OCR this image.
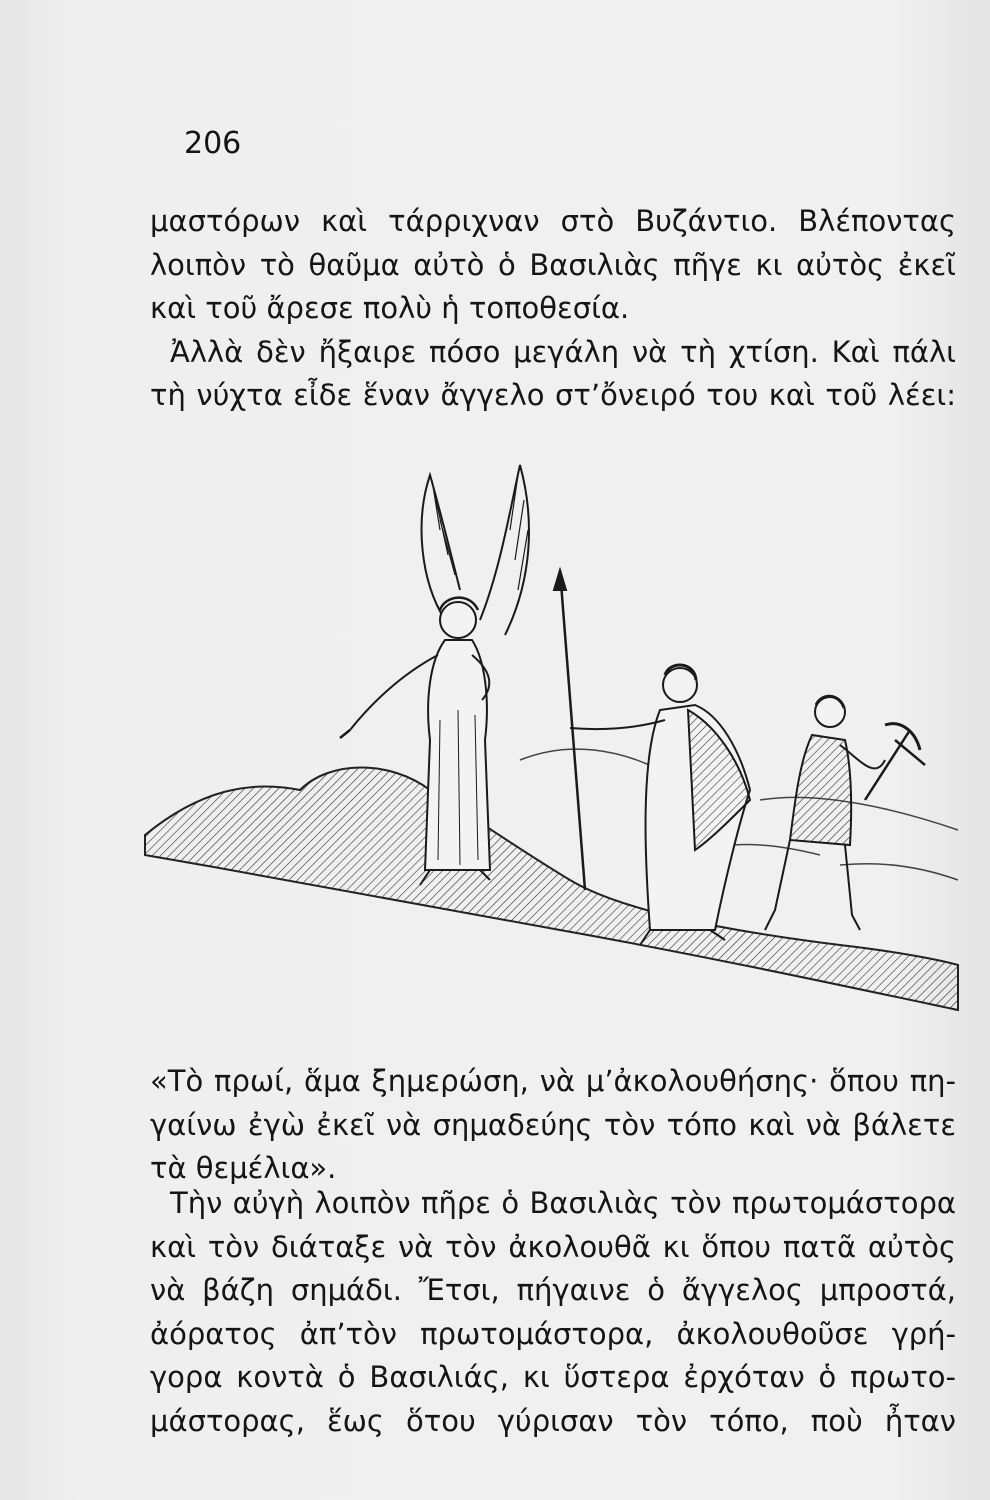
206
μαστόρων καὶ τάρριχναν στὸ Βυζάντιο. Βλέποντας
λοιπὸν τὸ θαῦμα αὐτὸ ὁ Βασιλιὰς πῆγε κι αὐτὸς ἐκεῖ
καὶ τοῦ ἄρεσε πολὺ ἡ τοποθεσία.
Ἀλλὰ δὲν ἤξαιρε πόσο μεγάλη νὰ τὴ χτίση. Καὶ πάλι
τὴ νύχτα εἶδε ἕναν ἄγγελο στ’ὄνειρό του καὶ τοῦ λέει:
«Τὸ πρωί, ἅμα ξημερώση, νὰ μ’ἀκολουθήσης· ὅπου πη-
γαίνω ἐγὼ ἐκεῖ νὰ σημαδεύης τὸν τόπο καὶ νὰ βάλετε
τὰ θεμέλια».
Τὴν αὐγὴ λοιπὸν πῆρε ὁ Βασιλιὰς τὸν πρωτομάστορα
καὶ τὸν διάταξε νὰ τὸν ἀκολουθᾶ κι ὅπου πατᾶ αὐτὸς
νὰ βάζη σημάδι. Ἔτσι, πήγαινε ὁ ἄγγελος μπροστά,
ἀόρατος ἀπ’τὸν πρωτομάστορα, ἀκολουθοῦσε γρή-
γορα κοντὰ ὁ Βασιλιάς, κι ὕστερα ἐρχόταν ὁ πρωτο-
μάστορας, ἕως ὅτου γύρισαν τὸν τόπο, ποὺ ἦταν
